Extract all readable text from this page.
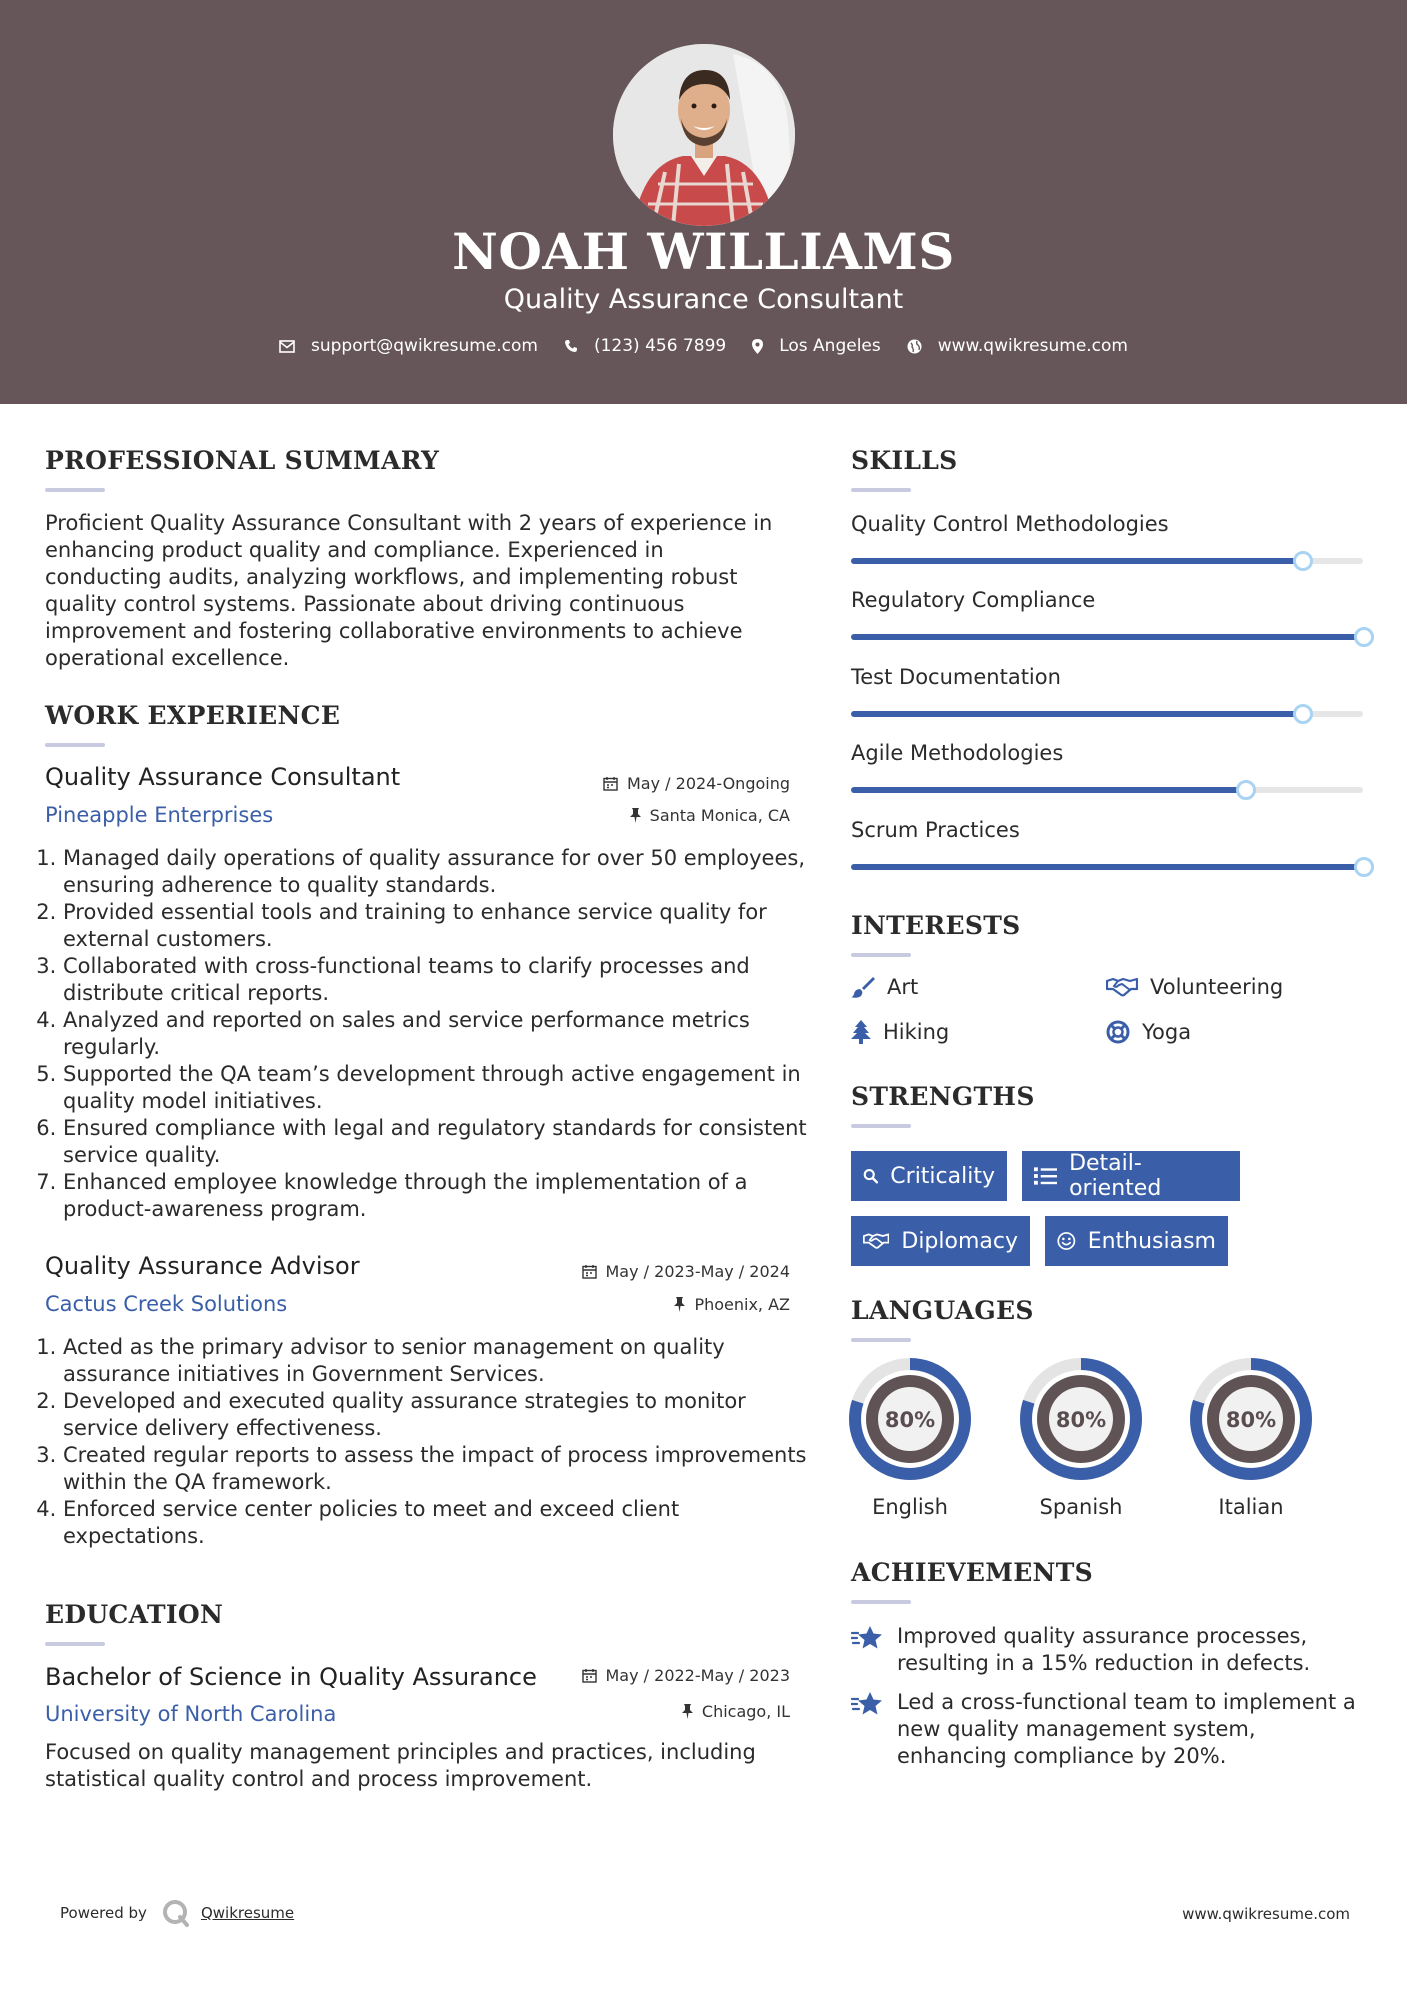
NOAH WILLIAMS
Quality Assurance Consultant
support@qwikresume.com	(123) 456 7899	Los Angeles	www.qwikresume.com
PROFESSIONAL SUMMARY
Proficient Quality Assurance Consultant with 2 years of experience in enhancing product quality and compliance. Experienced in conducting audits, analyzing workflows, and implementing robust quality control systems. Passionate about driving continuous improvement and fostering collaborative environments to achieve operational excellence.
WORK EXPERIENCE
Quality Assurance Consultant	May / 2024-Ongoing
Pineapple Enterprises	Santa Monica, CA
1. Managed daily operations of quality assurance for over 50 employees, ensuring adherence to quality standards.
2. Provided essential tools and training to enhance service quality for external customers.
3. Collaborated with cross-functional teams to clarify processes and distribute critical reports.
4. Analyzed and reported on sales and service performance metrics regularly.
5. Supported the QA team’s development through active engagement in quality model initiatives.
6. Ensured compliance with legal and regulatory standards for consistent service quality.
7. Enhanced employee knowledge through the implementation of a product-awareness program.
Quality Assurance Advisor	May / 2023-May / 2024
Cactus Creek Solutions	Phoenix, AZ
1. Acted as the primary advisor to senior management on quality assurance initiatives in Government Services.
2. Developed and executed quality assurance strategies to monitor service delivery effectiveness.
3. Created regular reports to assess the impact of process improvements within the QA framework.
4. Enforced service center policies to meet and exceed client expectations.
EDUCATION
Bachelor of Science in Quality Assurance	May / 2022-May / 2023
University of North Carolina	Chicago, IL
Focused on quality management principles and practices, including statistical quality control and process improvement.
SKILLS
Quality Control Methodologies
Regulatory Compliance
Test Documentation
Agile Methodologies
Scrum Practices
INTERESTS
Art	Volunteering
Hiking	Yoga
STRENGTHS
Criticality	Detail-oriented
Diplomacy	Enthusiasm
LANGUAGES
80%
English
80%
Spanish
80%
Italian
ACHIEVEMENTS
Improved quality assurance processes, resulting in a 15% reduction in defects.
Led a cross-functional team to implement a new quality management system, enhancing compliance by 20%.
Powered by	Qwikresume	www.qwikresume.com
